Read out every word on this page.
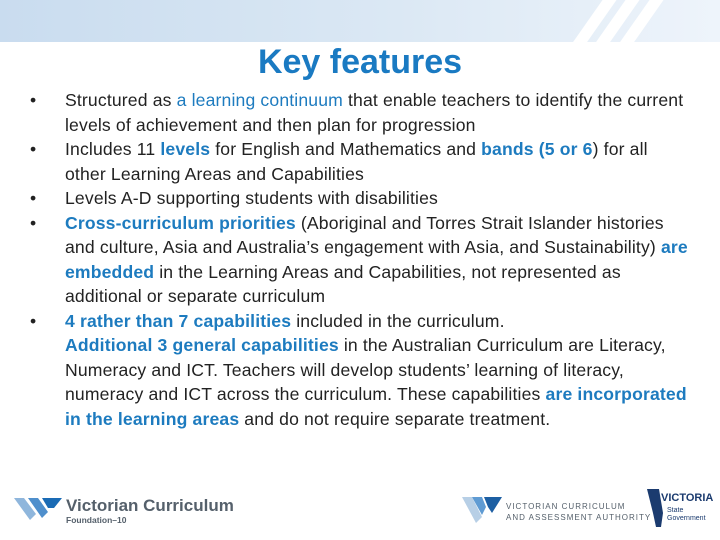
Key features
•	Structured as a learning continuum that enable teachers to identify the current levels of achievement and then plan for progression
•	Includes 11 levels for English and Mathematics and bands (5 or 6) for all other Learning Areas and Capabilities
•	Levels A-D supporting students with disabilities
•	Cross-curriculum priorities (Aboriginal and Torres Strait Islander histories and culture, Asia and Australia’s engagement with Asia, and Sustainability) are embedded in the Learning Areas and Capabilities, not represented as additional or separate curriculum
•	4 rather than 7 capabilities included in the curriculum.
Additional 3 general capabilities in the Australian Curriculum are Literacy, Numeracy and ICT. Teachers will develop students’ learning of literacy, numeracy and ICT across the curriculum. These capabilities are incorporated in the learning areas and do not require separate treatment.
Victorian Curriculum
Foundation–10
VICTORIAN CURRICULUM
AND ASSESSMENT AUTHORITY
VICTORIA
State
Government
